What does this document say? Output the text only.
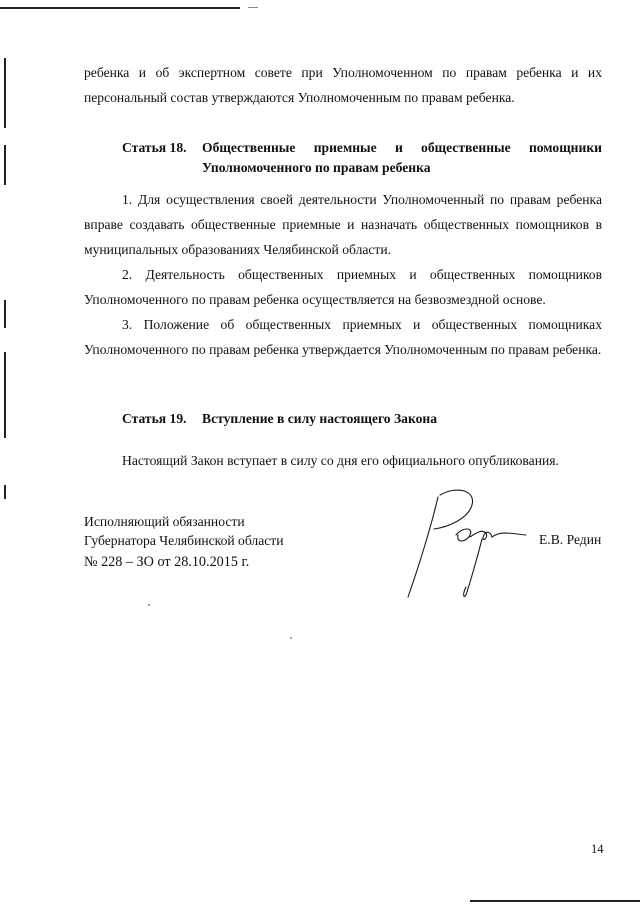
ребенка и об экспертном совете при Уполномоченном по правам ребенка и их персональный состав утверждаются Уполномоченным по правам ребенка.
Статья 18.	Общественные приемные и общественные помощники
Уполномоченного по правам ребенка
1. Для осуществления своей деятельности Уполномоченный по правам ребенка вправе создавать общественные приемные и назначать общественных помощников в муниципальных образованиях Челябинской области.
2. Деятельность общественных приемных и общественных помощников Уполномоченного по правам ребенка осуществляется на безвозмездной основе.
3. Положение об общественных приемных и общественных помощниках Уполномоченного по правам ребенка утверждается Уполномоченным по правам ребенка.
Статья 19. Вступление в силу настоящего Закона
Настоящий Закон вступает в силу со дня его официального опубликования.
Исполняющий обязанности
Губернатора Челябинской области
№ 228 – ЗО от 28.10.2015 г.
Е.В. Редин
14
